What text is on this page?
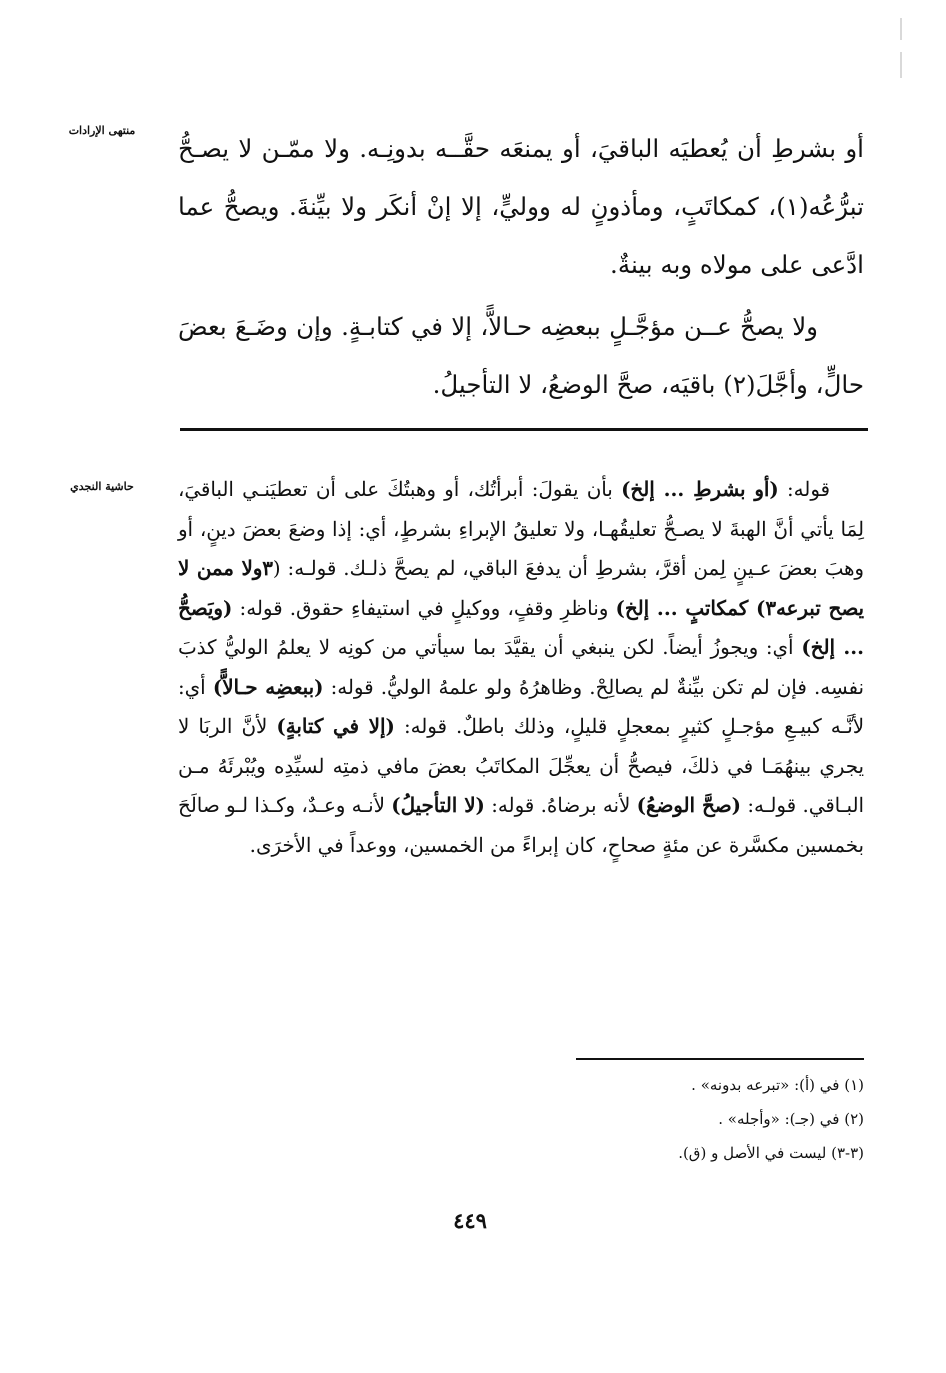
منتهى الإرادات
حاشية النجدي

أو بشرطِ أن يُعطيَه الباقيَ، أو يمنعَه حقَّــه بدونِـه. ولا ممّـن لا يصـحُّ تبرُّعُه(١)، كمكاتَبٍ، ومأذونٍ له ووليٍّ، إلا إنْ أنكَر ولا بيِّنةَ. ويصحُّ عما ادَّعى على مولاه وبه بينةٌ.

ولا يصحُّ عــن مؤجَّـلٍ ببعضِه حـالاًّ، إلا في كتابـةٍ. وإن وضَـعَ بعضَ حالٍّ، وأجَّلَ(٢) باقيَه، صحَّ الوضعُ، لا التأجيلُ.

قوله: (أو بشرطِ ... إلخ) بأن يقولَ: أبرأتُك، أو وهبتُكَ على أن تعطيَنـي الباقيَ، لِمَا يأتي أنَّ الهبةَ لا يصـحُّ تعليقُهـا، ولا تعليقُ الإبراءِ بشرطٍ، أي: إذا وضعَ بعضَ دينٍ، أو وهبَ بعضَ عـينٍ لِمن أقرَّ، بشرطِ أن يدفعَ الباقي، لم يصحَّ ذلـك. قولـه: (٣ولا ممن لا يصح تبرعه٣) كمكاتبٍ ... إلخ) وناظرِ وقفٍ، ووكيلٍ في استيفاءِ حقوق. قوله: (ويَصحُّ ... إلخ) أي: ويجوزُ أيضاً. لكن ينبغي أن يقيَّدَ بما سيأتي من كونِه لا يعلمُ الوليُّ كذبَ نفسِه. فإن لم تكن بيِّنةٌ لم يصالِحْ. وظاهرُهُ ولو علمهُ الوليُّ. قوله: (ببعضِه حـالاًّ) أي: لأنَّـه كبيـعِ مؤجـلٍ كثيرٍ بمعجلٍ قليلٍ، وذلك باطلٌ. قوله: (إلا في كتابةٍ) لأنَّ الربَا لا يجري بينهُمَـا في ذلكَ، فيصحُّ أن يعجِّلَ المكاتَبُ بعضَ مافي ذمتِه لسيِّدِه ويُبْرئَهُ مـن البـاقي. قولـه: (صحَّ الوضعُ) لأنه برضاهُ. قوله: (لا التأجيلُ) لأنـه وعـدٌ، وكـذا لـو صالَحَ بخمسين مكسَّرة عن مئةٍ صحاحٍ، كان إبراءً من الخمسين، ووعداً في الأخرَى.

(١) في (أ): «تبرعه بدونه» .
(٢) في (جـ): «وأجله» .
(٣-٣) ليست في الأصل و (ق).
٤٤٩
